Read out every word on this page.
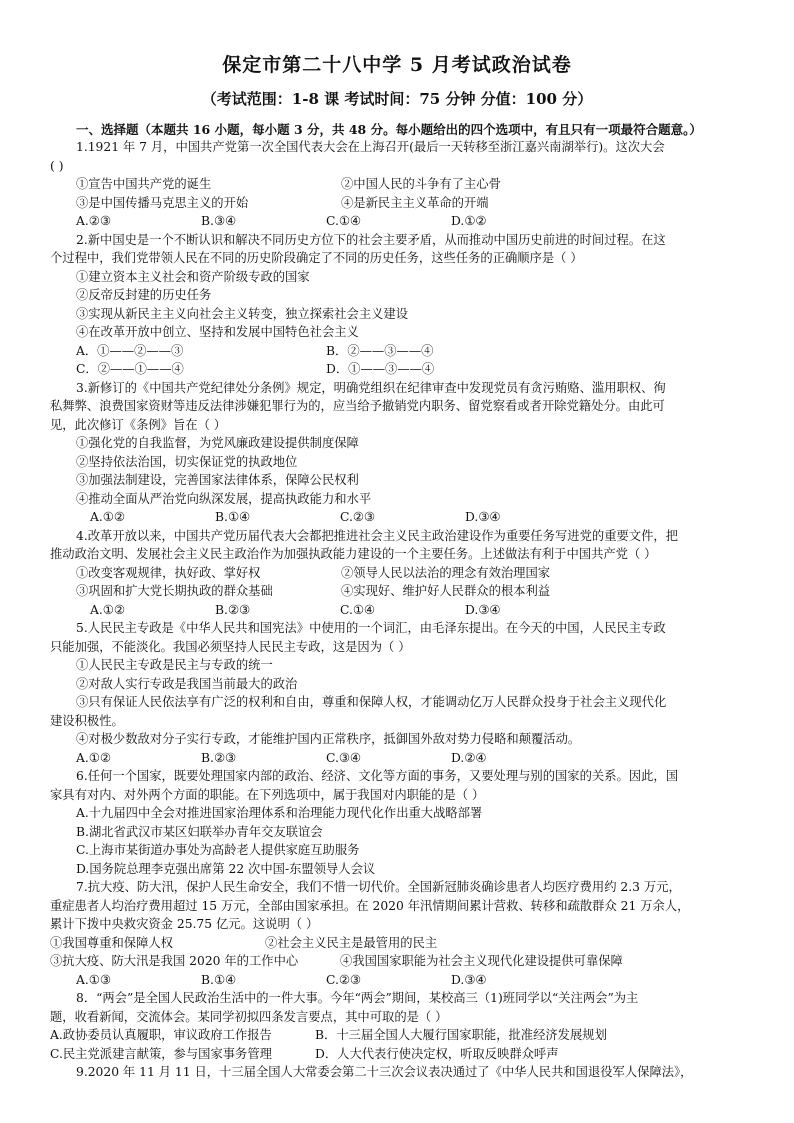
保定市第二十八中学 5 月考试政治试卷
（考试范围：1-8 课 考试时间：75 分钟 分值：100 分）
一、选择题（本题共 16 小题，每小题 3 分，共 48 分。每小题给出的四个选项中，有且只有一项最符合题意。）
1.1921 年 7 月，中国共产党第一次全国代表大会在上海召开(最后一天转移至浙江嘉兴南湖举行)。这次大会
( )
①宣告中国共产党的诞生	②中国人民的斗争有了主心骨
③是中国传播马克思主义的开始	④是新民主主义革命的开端
A.②③	B.③④	C.①④	D.①②
2.新中国史是一个不断认识和解决不同历史方位下的社会主要矛盾，从而推动中国历史前进的时间过程。在这
个过程中，我们党带领人民在不同的历史阶段确定了不同的历史任务，这些任务的正确顺序是（ ）
①建立资本主义社会和资产阶级专政的国家
②反帝反封建的历史任务
③实现从新民主主义向社会主义转变，独立探索社会主义建设
④在改革开放中创立、坚持和发展中国特色社会主义
A．①——②——③	B．②——③——④
C．②——①——④	D．①——③——④
3.新修订的《中国共产党纪律处分条例》规定，明确党组织在纪律审查中发现党员有贪污贿赂、滥用职权、徇
私舞弊、浪费国家资财等违反法律涉嫌犯罪行为的，应当给予撤销党内职务、留党察看或者开除党籍处分。由此可
见，此次修订《条例》旨在（ ）
①强化党的自我监督，为党风廉政建设提供制度保障
②坚持依法治国，切实保证党的执政地位
③加强法制建设，完善国家法律体系，保障公民权利
④推动全面从严治党向纵深发展，提高执政能力和水平
A.①②	B.①④	C.②③	D.③④
4.改革开放以来，中国共产党历届代表大会都把推进社会主义民主政治建设作为重要任务写进党的重要文件，把
推动政治文明、发展社会主义民主政治作为加强执政能力建设的一个主要任务。上述做法有利于中国共产党（ ）
①改变客观规律，执好政、掌好权	②领导人民以法治的理念有效治理国家
③巩固和扩大党长期执政的群众基础	④实现好、维护好人民群众的根本利益
A.①②	B.②③	C.①④	D.③④
5.人民民主专政是《中华人民共和国宪法》中使用的一个词汇，由毛泽东提出。在今天的中国，人民民主专政
只能加强，不能淡化。我国必须坚持人民民主专政，这是因为（ ）
①人民民主专政是民主与专政的统一
②对敌人实行专政是我国当前最大的政治
③只有保证人民依法享有广泛的权利和自由，尊重和保障人权，才能调动亿万人民群众投身于社会主义现代化
建设积极性。
④对极少数敌对分子实行专政，才能维护国内正常秩序，抵御国外敌对势力侵略和颠覆活动。
A.①②	B.②③	C.③④	D.②④
6.任何一个国家，既要处理国家内部的政治、经济、文化等方面的事务，又要处理与别的国家的关系。因此，国
家具有对内、对外两个方面的职能。在下列选项中，属于我国对内职能的是（ ）
A.十九届四中全会对推进国家治理体系和治理能力现代化作出重大战略部署
B.湖北省武汉市某区妇联举办青年交友联谊会
C.上海市某街道办事处为高龄老人提供家庭互助服务
D.国务院总理李克强出席第 22 次中国-东盟领导人会议
7.抗大疫、防大汛，保护人民生命安全，我们不惜一切代价。全国新冠肺炎确诊患者人均医疗费用约 2.3 万元，
重症患者人均治疗费用超过 15 万元，全部由国家承担。在 2020 年汛情期间累计营救、转移和疏散群众 21 万余人，
累计下拨中央救灾资金 25.75 亿元。这说明（ ）
①我国尊重和保障人权	②社会主义民主是最管用的民主
③抗大疫、防大汛是我国 2020 年的工作中心	④我国国家职能为社会主义现代化建设提供可靠保障
A.①③	B.①④	C.②③	D.③④
8．“两会”是全国人民政治生活中的一件大事。今年“两会”期间，某校高三（1)班同学以“关注两会”为主
题，收看新闻，交流体会。某同学初拟四条发言要点，其中可取的是（ ）
A.政协委员认真履职，审议政府工作报告	B．十三届全国人大履行国家职能，批准经济发展规划
C.民主党派建言献策，参与国家事务管理	D．人大代表行使决定权，听取反映群众呼声
9.2020 年 11 月 11 日，十三届全国人大常委会第二十三次会议表决通过了《中华人民共和国退役军人保障法》，
